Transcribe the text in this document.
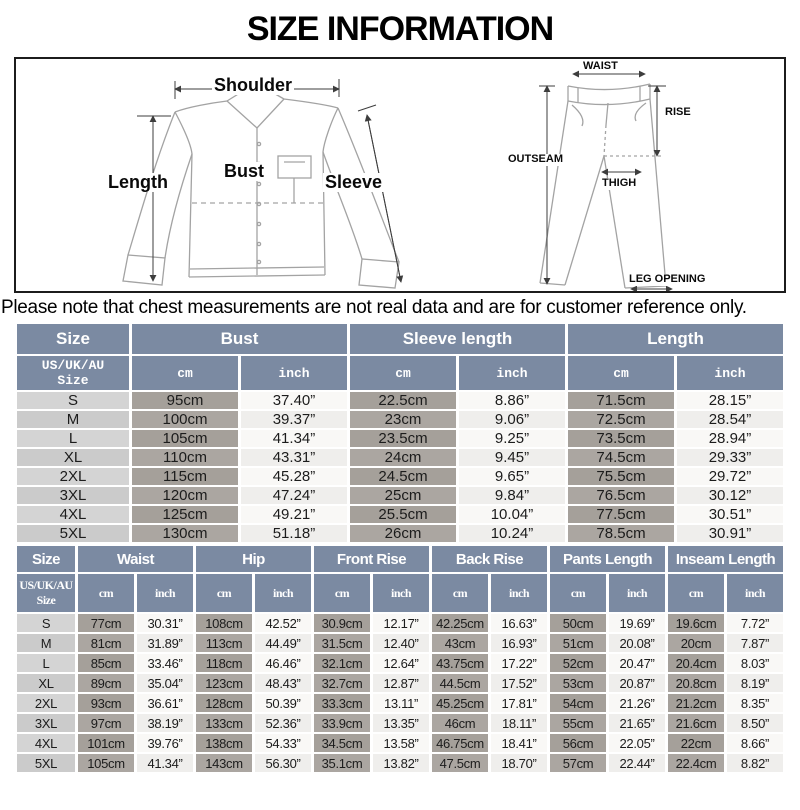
SIZE INFORMATION
Shoulder
Length
Bust
Sleeve
WAIST
RISE
OUTSEAM
THIGH
LEG OPENING
Please note that chest measurements are not real data and are for customer reference only.
Size	Bust		Sleeve length		Length	

US/UK/AU
Size	cm	inch	cm	inch	cm	inch
S	95cm	37.40”	22.5cm	8.86”	71.5cm	28.15”
M	100cm	39.37”	23cm	9.06”	72.5cm	28.54”
L	105cm	41.34”	23.5cm	9.25”	73.5cm	28.94”
XL	110cm	43.31”	24cm	9.45”	74.5cm	29.33”
2XL	115cm	45.28”	24.5cm	9.65”	75.5cm	29.72”
3XL	120cm	47.24”	25cm	9.84”	76.5cm	30.12”
4XL	125cm	49.21”	25.5cm	10.04”	77.5cm	30.51”
5XL	130cm	51.18”	26cm	10.24”	78.5cm	30.91”
Size	Waist		Hip		Front Rise		Back Rise		Pants Length		Inseam Length	

US/UK/AU
Size	cm	inch	cm	inch	cm	inch	cm	inch	cm	inch	cm	inch
S	77cm	30.31”	108cm	42.52”	30.9cm	12.17”	42.25cm	16.63”	50cm	19.69”	19.6cm	7.72”
M	81cm	31.89”	113cm	44.49”	31.5cm	12.40”	43cm	16.93”	51cm	20.08”	20cm	7.87”
L	85cm	33.46”	118cm	46.46”	32.1cm	12.64”	43.75cm	17.22”	52cm	20.47”	20.4cm	8.03”
XL	89cm	35.04”	123cm	48.43”	32.7cm	12.87”	44.5cm	17.52”	53cm	20.87”	20.8cm	8.19”
2XL	93cm	36.61”	128cm	50.39”	33.3cm	13.11”	45.25cm	17.81”	54cm	21.26”	21.2cm	8.35”
3XL	97cm	38.19”	133cm	52.36”	33.9cm	13.35”	46cm	18.11”	55cm	21.65”	21.6cm	8.50”
4XL	101cm	39.76”	138cm	54.33”	34.5cm	13.58”	46.75cm	18.41”	56cm	22.05”	22cm	8.66”
5XL	105cm	41.34”	143cm	56.30”	35.1cm	13.82”	47.5cm	18.70”	57cm	22.44”	22.4cm	8.82”
